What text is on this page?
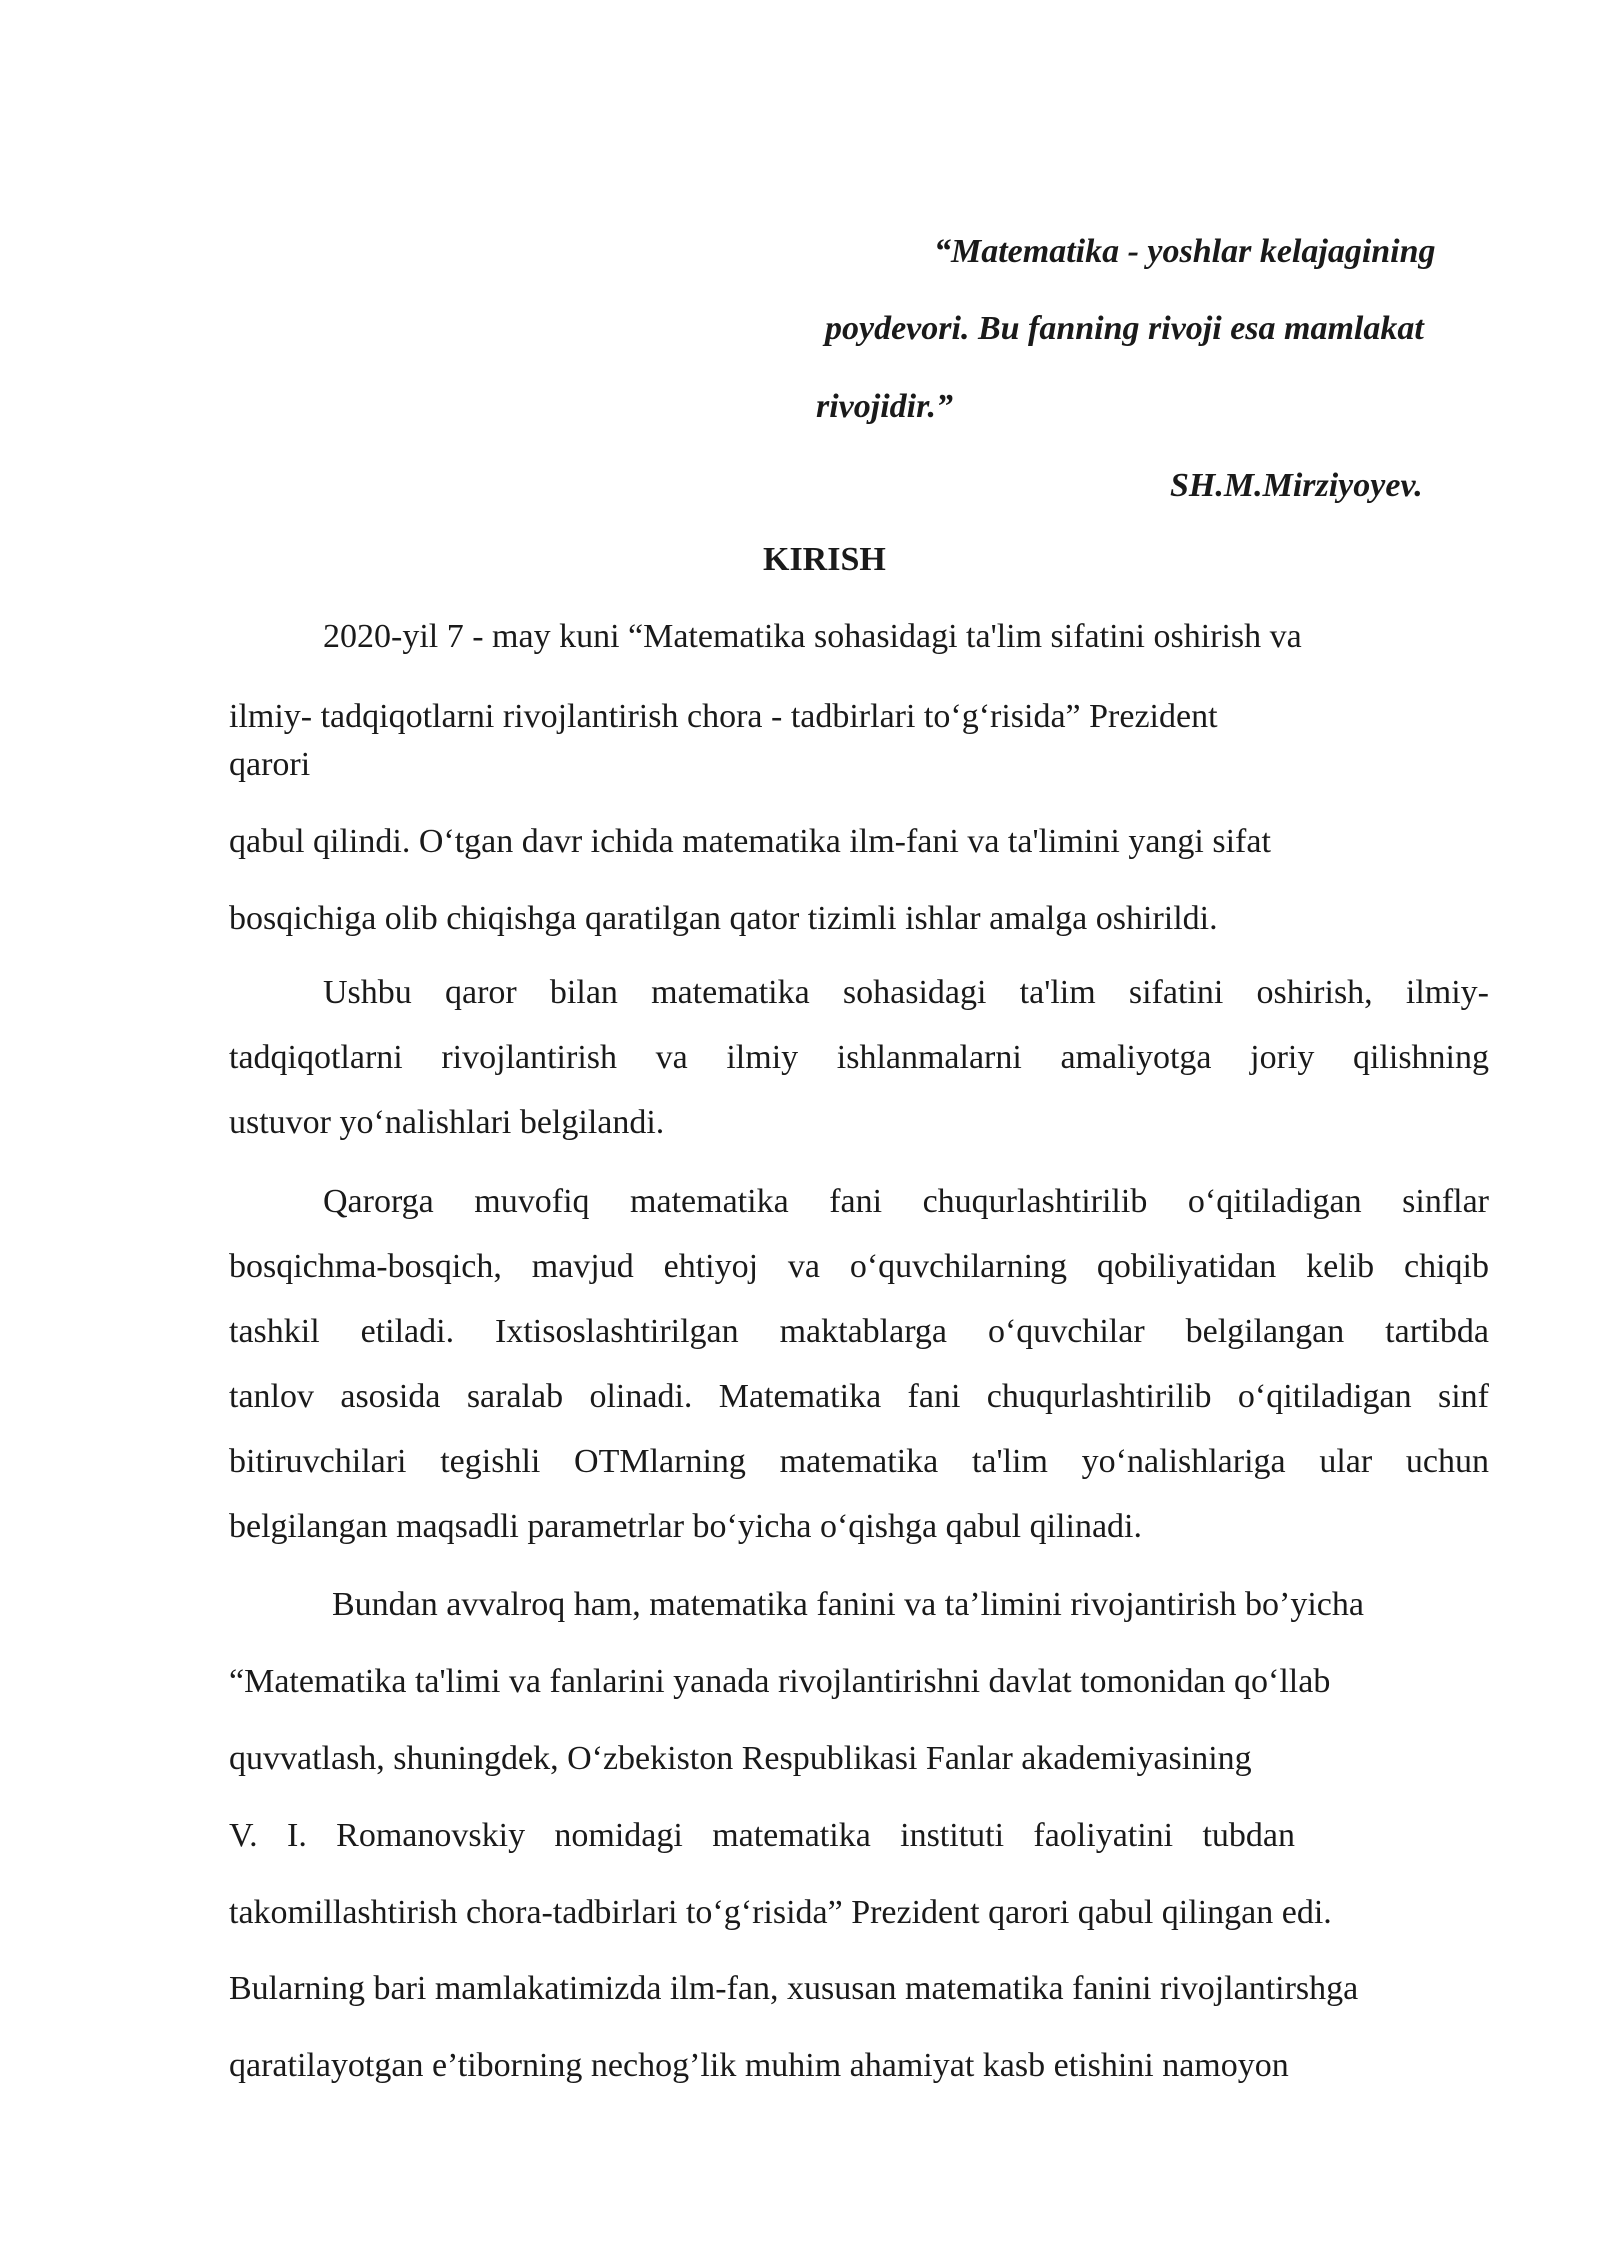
“Matematika - yoshlar kelajagining
poydevori. Bu fanning rivoji esa mamlakat
rivojidir.”
SH.M.Mirziyoyev.
KIRISH
2020-yil 7 - may kuni “Matematika sohasidagi ta'lim sifatini oshirish va
ilmiy- tadqiqotlarni rivojlantirish chora - tadbirlari to‘g‘risida” Prezident
qarori
qabul qilindi. O‘tgan davr ichida matematika ilm-fani va ta'limini yangi sifat
bosqichiga olib chiqishga qaratilgan qator tizimli ishlar amalga oshirildi.
Ushbu qaror bilan matematika sohasidagi ta'lim sifatini oshirish, ilmiy-
tadqiqotlarni rivojlantirish va ilmiy ishlanmalarni amaliyotga joriy qilishning
ustuvor yo‘nalishlari belgilandi.
Qarorga muvofiq matematika fani chuqurlashtirilib o‘qitiladigan sinflar
bosqichma-bosqich, mavjud ehtiyoj va o‘quvchilarning qobiliyatidan kelib chiqib
tashkil etiladi. Ixtisoslashtirilgan maktablarga o‘quvchilar belgilangan tartibda
tanlov asosida saralab olinadi. Matematika fani chuqurlashtirilib o‘qitiladigan sinf
bitiruvchilari tegishli OTMlarning matematika ta'lim yo‘nalishlariga ular uchun
belgilangan maqsadli parametrlar bo‘yicha o‘qishga qabul qilinadi.
Bundan avvalroq ham, matematika fanini va ta’limini rivojantirish bo’yicha
“Matematika ta'limi va fanlarini yanada rivojlantirishni davlat tomonidan qo‘llab
quvvatlash, shuningdek, O‘zbekiston Respublikasi Fanlar akademiyasining
V. I. Romanovskiy nomidagi matematika instituti faoliyatini tubdan
takomillashtirish chora-tadbirlari to‘g‘risida” Prezident qarori qabul qilingan edi.
Bularning bari mamlakatimizda ilm-fan, xususan matematika fanini rivojlantirshga
qaratilayotgan e’tiborning nechog’lik muhim ahamiyat kasb etishini namoyon
